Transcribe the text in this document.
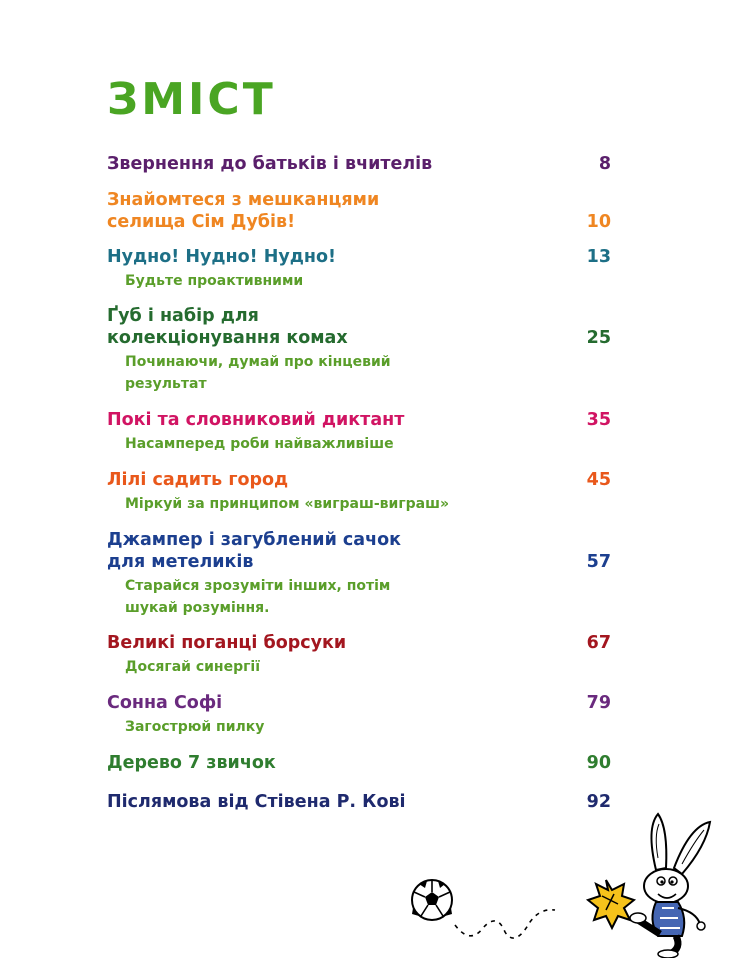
ЗМІСТ
Звернення до батьків і вчителів	8
Знайомтеся з мешканцями селища Сім Дубів!	10
Нудно! Нудно! Нудно!	13
Будьте проактивними
Ґуб і набір для колекціонування комах	25
Починаючи, думай про кінцевий результат
Покі та словниковий диктант	35
Насамперед роби найважливіше
Лілі садить город	45
Міркуй за принципом «виграш-виграш»
Джампер і загублений сачок для метеликів	57
Старайся зрозуміти інших, потім шукай розуміння.
Великі поганці борсуки	67
Досягай синергії
Сонна Софі	79
Загострюй пилку
Дерево 7 звичок	90
Післямова від Стівена Р. Кові	92
